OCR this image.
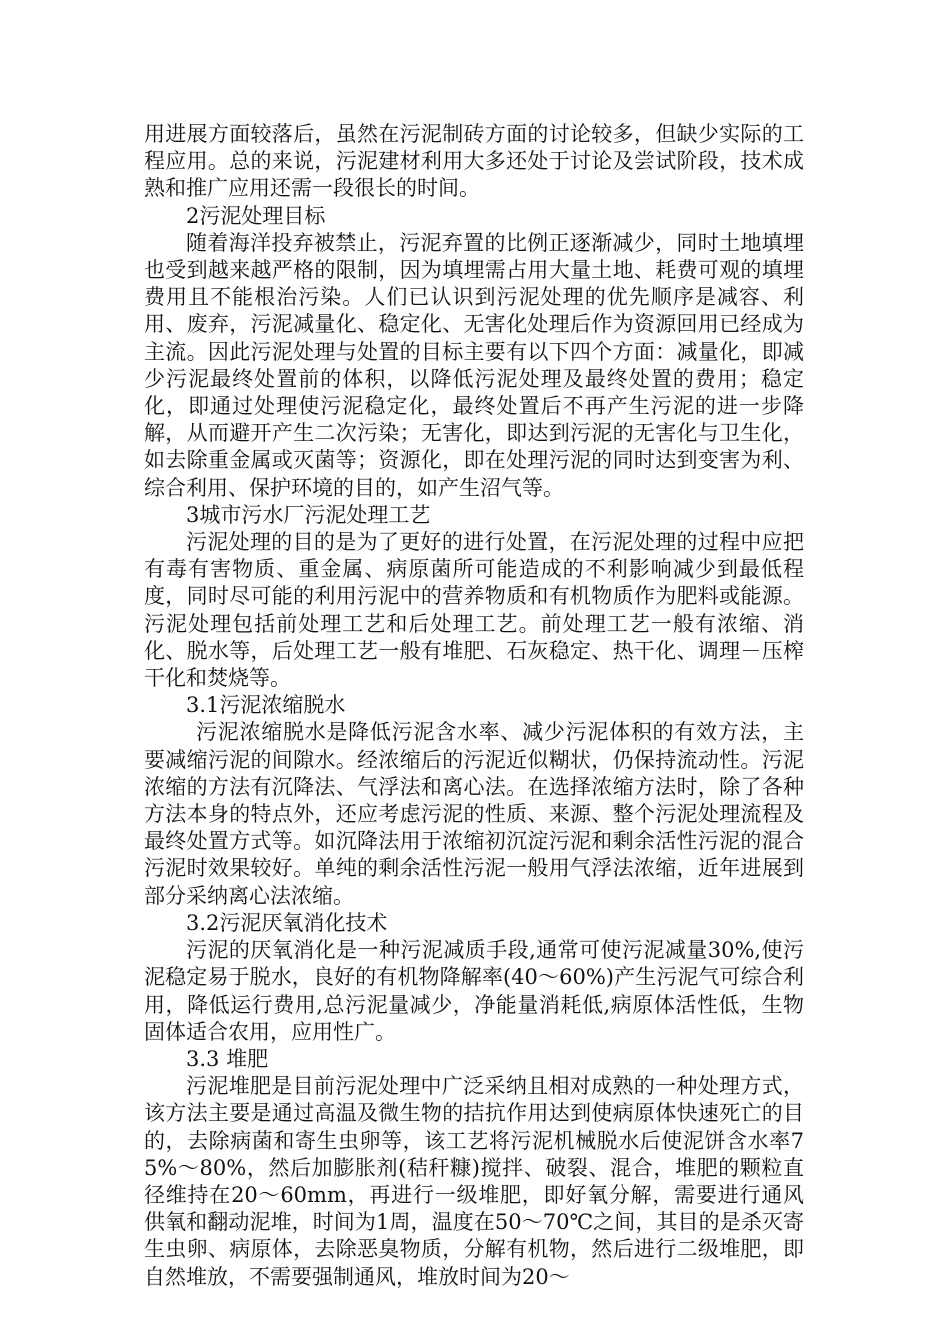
用进展方面较落后，虽然在污泥制砖方面的讨论较多，但缺少实际的工程应用。总的来说，污泥建材利用大多还处于讨论及尝试阶段，技术成熟和推广应用还需一段很长的时间。

2污泥处理目标

随着海洋投弃被禁止，污泥弃置的比例正逐渐减少，同时土地填埋也受到越来越严格的限制，因为填埋需占用大量土地、耗费可观的填埋费用且不能根治污染。人们已认识到污泥处理的优先顺序是减容、利用、废弃，污泥减量化、稳定化、无害化处理后作为资源回用已经成为主流。因此污泥处理与处置的目标主要有以下四个方面：减量化，即减少污泥最终处置前的体积，以降低污泥处理及最终处置的费用；稳定化，即通过处理使污泥稳定化，最终处置后不再产生污泥的进一步降解，从而避开产生二次污染；无害化，即达到污泥的无害化与卫生化，如去除重金属或灭菌等；资源化，即在处理污泥的同时达到变害为利、综合利用、保护环境的目的，如产生沼气等。

3城市污水厂污泥处理工艺

污泥处理的目的是为了更好的进行处置，在污泥处理的过程中应把有毒有害物质、重金属、病原菌所可能造成的不利影响减少到最低程度，同时尽可能的利用污泥中的营养物质和有机物质作为肥料或能源。污泥处理包括前处理工艺和后处理工艺。前处理工艺一般有浓缩、消化、脱水等，后处理工艺一般有堆肥、石灰稳定、热干化、调理－压榨干化和焚烧等。

3.1污泥浓缩脱水

污泥浓缩脱水是降低污泥含水率、减少污泥体积的有效方法，主要减缩污泥的间隙水。经浓缩后的污泥近似糊状，仍保持流动性。污泥浓缩的方法有沉降法、气浮法和离心法。在选择浓缩方法时，除了各种方法本身的特点外，还应考虑污泥的性质、来源、整个污泥处理流程及最终处置方式等。如沉降法用于浓缩初沉淀污泥和剩余活性污泥的混合污泥时效果较好。单纯的剩余活性污泥一般用气浮法浓缩，近年进展到部分采纳离心法浓缩。

3.2污泥厌氧消化技术

污泥的厌氧消化是一种污泥减质手段,通常可使污泥减量30%,使污泥稳定易于脱水，良好的有机物降解率(40～60%)产生污泥气可综合利用，降低运行费用,总污泥量减少，净能量消耗低,病原体活性低，生物固体适合农用，应用性广。

3.3 堆肥

污泥堆肥是目前污泥处理中广泛采纳且相对成熟的一种处理方式，该方法主要是通过高温及微生物的拮抗作用达到使病原体快速死亡的目的，去除病菌和寄生虫卵等，该工艺将污泥机械脱水后使泥饼含水率75%～80%，然后加膨胀剂(秸秆糠)搅拌、破裂、混合，堆肥的颗粒直径维持在20～60mm，再进行一级堆肥，即好氧分解，需要进行通风供氧和翻动泥堆，时间为1周，温度在50～70℃之间，其目的是杀灭寄生虫卵、病原体，去除恶臭物质，分解有机物，然后进行二级堆肥，即自然堆放，不需要强制通风，堆放时间为20～
